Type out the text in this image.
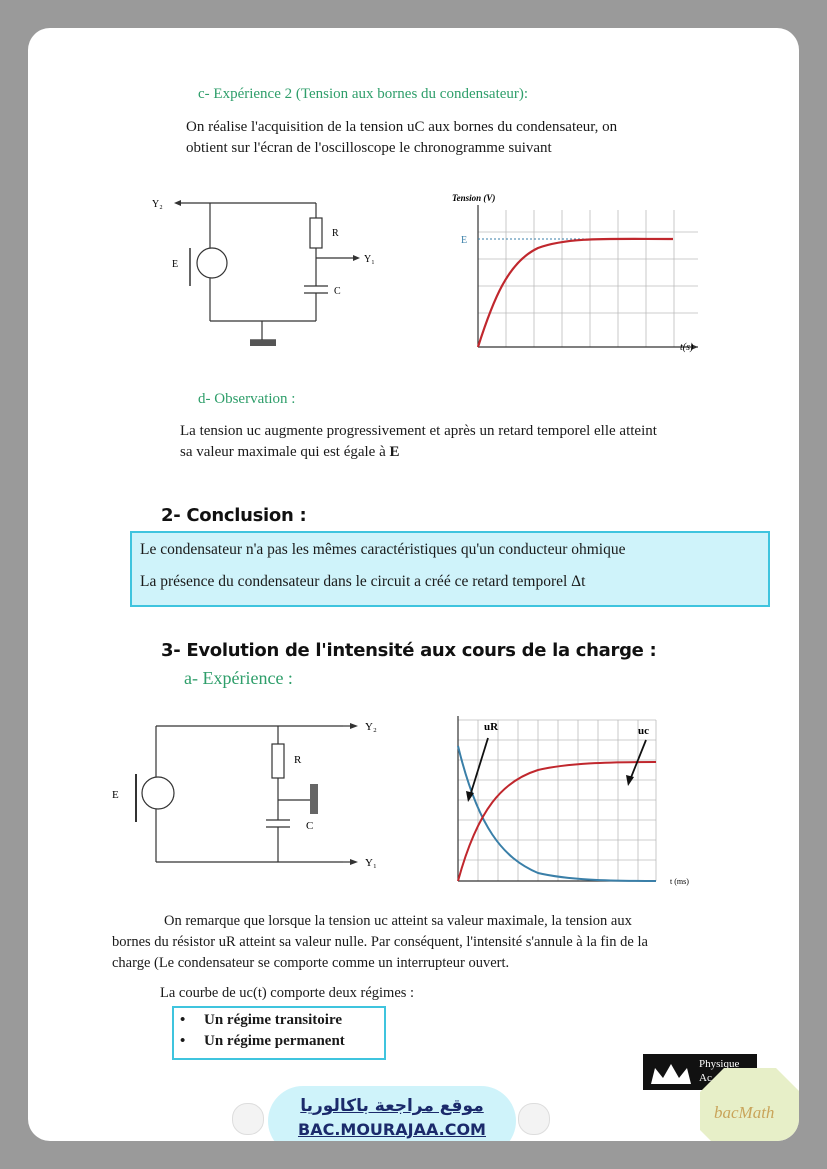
c- Expérience 2 (Tension aux bornes du condensateur):
On réalise l'acquisition de la tension uC aux bornes du condensateur, on
obtient sur l'écran de l'oscilloscope le chronogramme suivant
Y₂
Y₁
E
R
C
Tension (V)
E
t(s)
d- Observation :
La tension uc augmente progressivement et après un retard temporel elle atteint
sa valeur maximale qui est égale à E
2- Conclusion :
Le condensateur n'a pas les mêmes caractéristiques qu'un conducteur ohmique
La présence du condensateur dans le circuit a créé ce retard temporel Δt
3- Evolution de l'intensité aux cours de la charge :
a- Expérience :
Y₂
Y₁
E
R
C
uR	uc
t (ms)
On remarque que lorsque la tension uc atteint sa valeur maximale, la tension aux
bornes du résistor uR atteint sa valeur nulle. Par conséquent, l'intensité s'annule à la fin de la
charge (Le condensateur se comporte comme un interrupteur ouvert.
La courbe de uc(t) comporte deux régimes :
• Un régime transitoire
• Un régime permanent
Physique
Ac
bacMath
موقع مراجعة باكالوريا
BAC.MOURAJAA.COM
